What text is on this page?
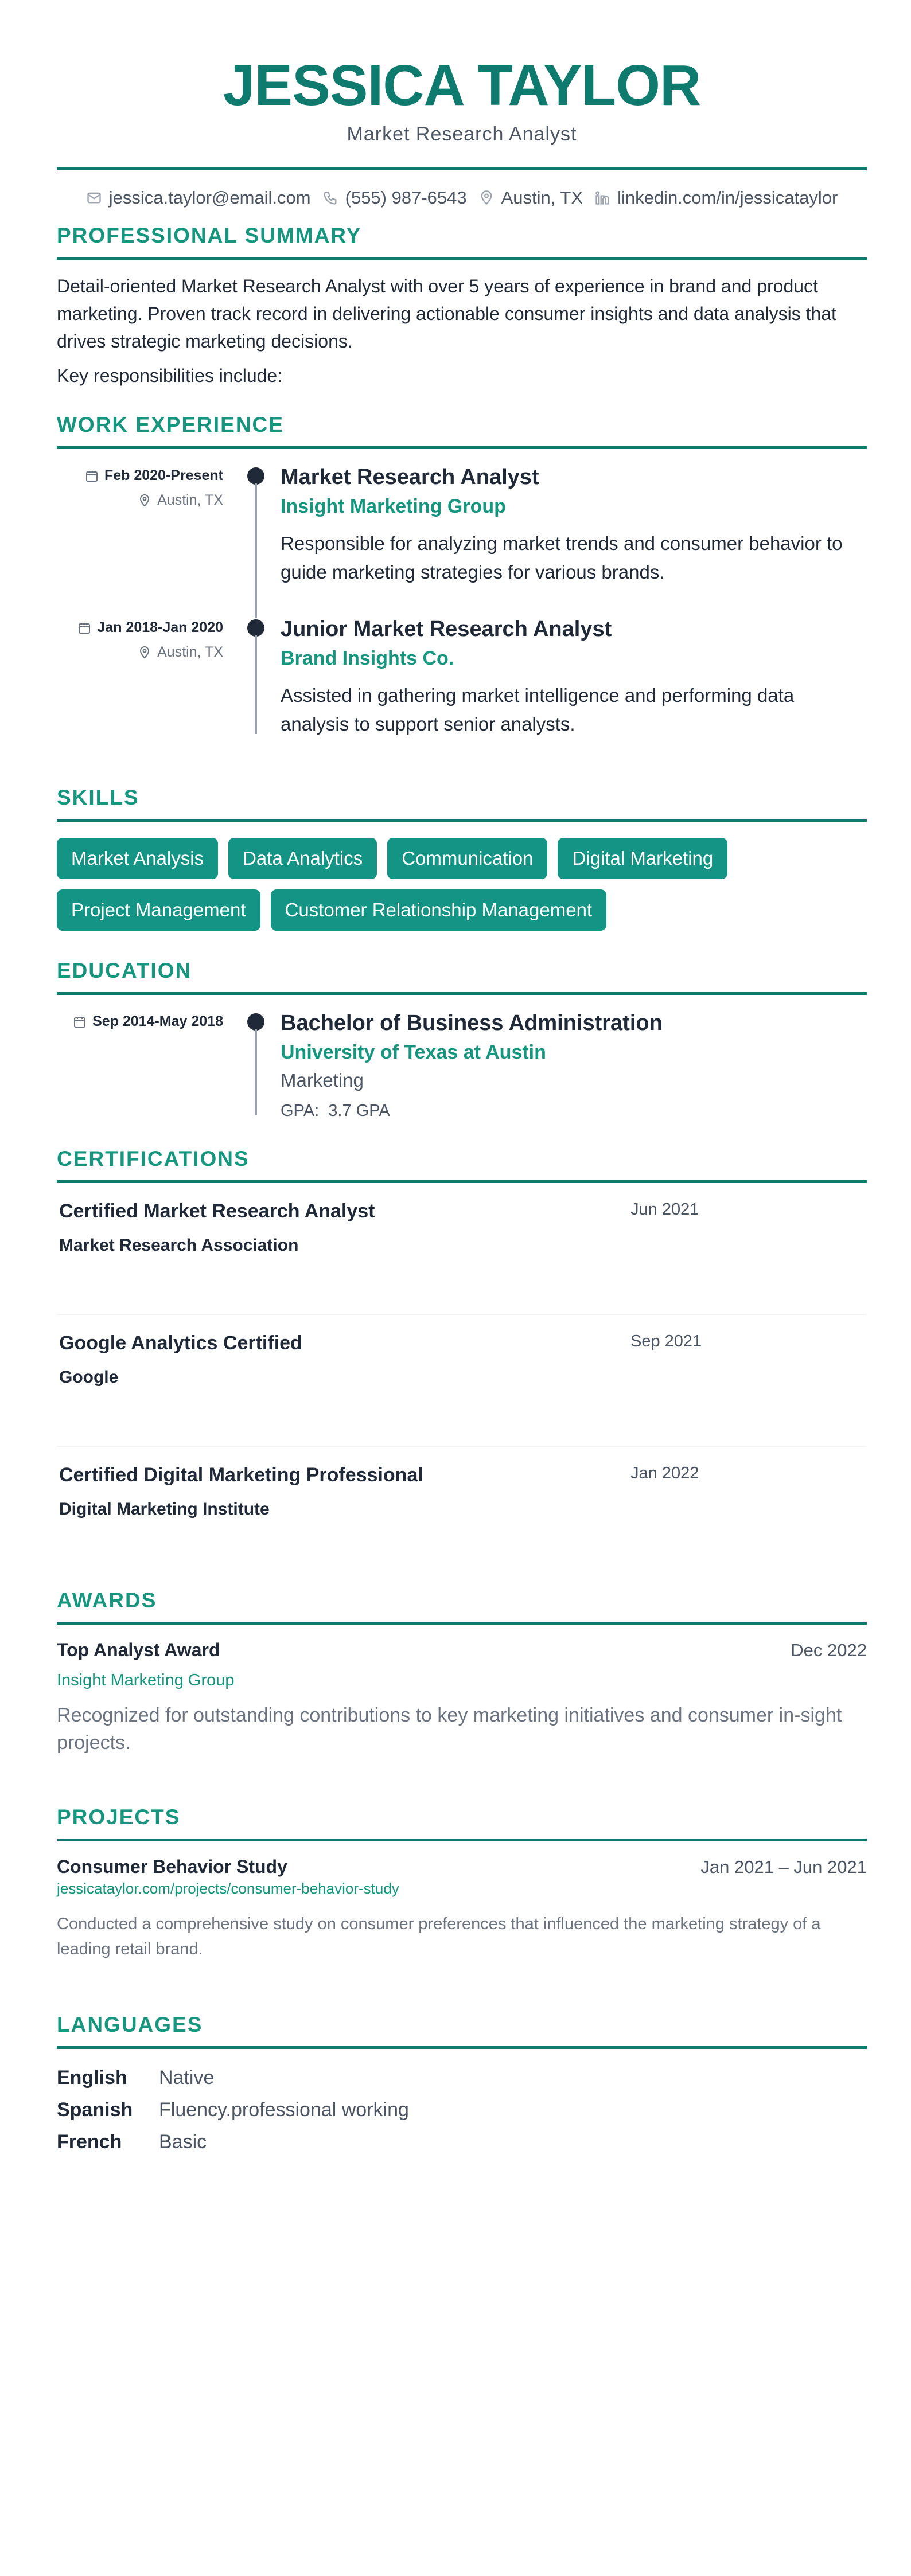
JESSICA TAYLOR
Market Research Analyst
jessica.taylor@email.com (555) 987-6543 Austin, TX linkedin.com/in/jessicataylor
PROFESSIONAL SUMMARY

Detail-oriented Market Research Analyst with over 5 years of experience in brand and product marketing. Proven track record in delivering actionable consumer insights and data analysis that drives strategic marketing decisions.

Key responsibilities include:

WORK EXPERIENCE
Feb 2020-Present
Austin, TX
Market Research Analyst
Insight Marketing Group
Responsible for analyzing market trends and consumer behavior to guide marketing strategies for various brands.
Jan 2018-Jan 2020
Austin, TX
Junior Market Research Analyst
Brand Insights Co.
Assisted in gathering market intelligence and performing data analysis to support senior analysts.
SKILLS
Market Analysis	Data Analytics	Communication	Digital Marketing
Project Management	Customer Relationship Management
EDUCATION
Sep 2014-May 2018	Bachelor of Business Administration
University of Texas at Austin
Marketing
GPA: 3.7 GPA
CERTIFICATIONS
Certified Market Research Analyst
Market Research Association
Jun 2021
Google Analytics Certified
Google
Sep 2021
Certified Digital Marketing Professional
Digital Marketing Institute
Jan 2022
AWARDS
Top Analyst Award	Dec 2022
Insight Marketing Group
Recognized for outstanding contributions to key marketing initiatives and consumer in-sight projects.
PROJECTS
Consumer Behavior Study	Jan 2021 – Jun 2021
jessicataylor.com/projects/consumer-behavior-study
Conducted a comprehensive study on consumer preferences that influenced the marketing strategy of a leading retail brand.
LANGUAGES
English	Native
Spanish	Fluency.professional working
French	Basic
